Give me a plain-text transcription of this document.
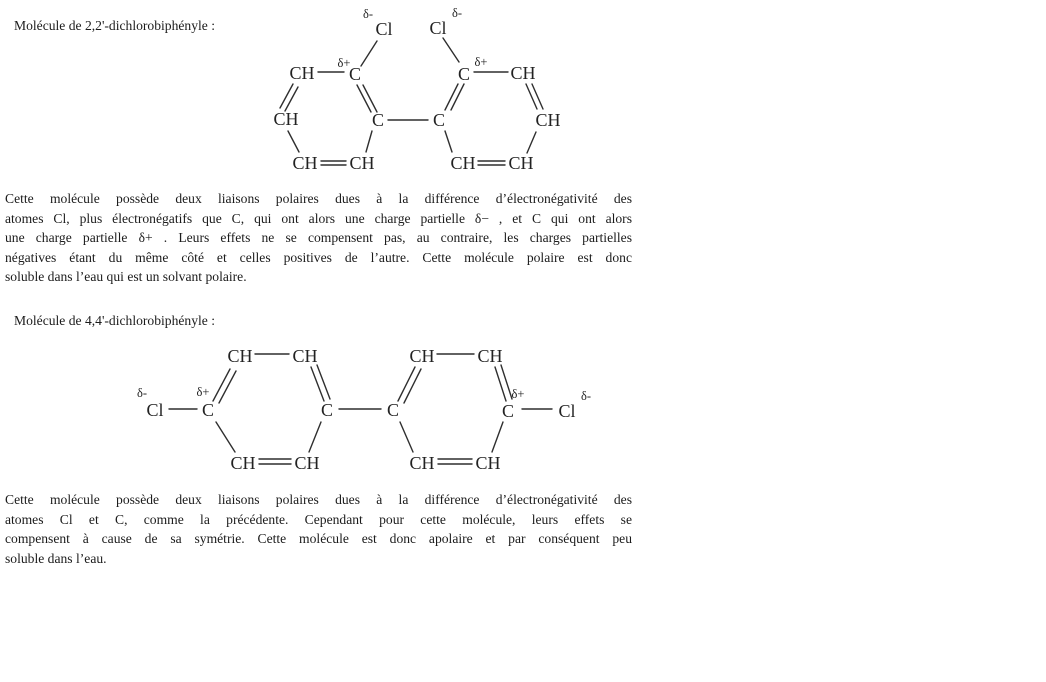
Molécule de 2,2'-dichlorobiphényle :
δ-
Cl Cl
δ-
CH δ+
C	C
δ+
CH
CH	C	C	CH
CH CH	CH CH
Cette molécule possède deux liaisons polaires dues à la différence d’électronégativité des
atomes Cl, plus électronégatifs que C, qui ont alors une charge partielle δ− , et C qui ont alors
une charge partielle δ+ . Leurs effets ne se compensent pas, au contraire, les charges partielles
négatives étant du même côté et celles positives de l’autre. Cette molécule polaire est donc
soluble dans l’eau qui est un solvant polaire.
Molécule de 4,4'-dichlorobiphényle :
δ-
Cl
δ+
C
CH CH
C	C
CH CH
C
δ+
Cl
δ-
CH CH	CH CH
Cette molécule possède deux liaisons polaires dues à la différence d’électronégativité des
atomes Cl et C, comme la précédente. Cependant pour cette molécule, leurs effets se
compensent à cause de sa symétrie. Cette molécule est donc apolaire et par conséquent peu
soluble dans l’eau.
